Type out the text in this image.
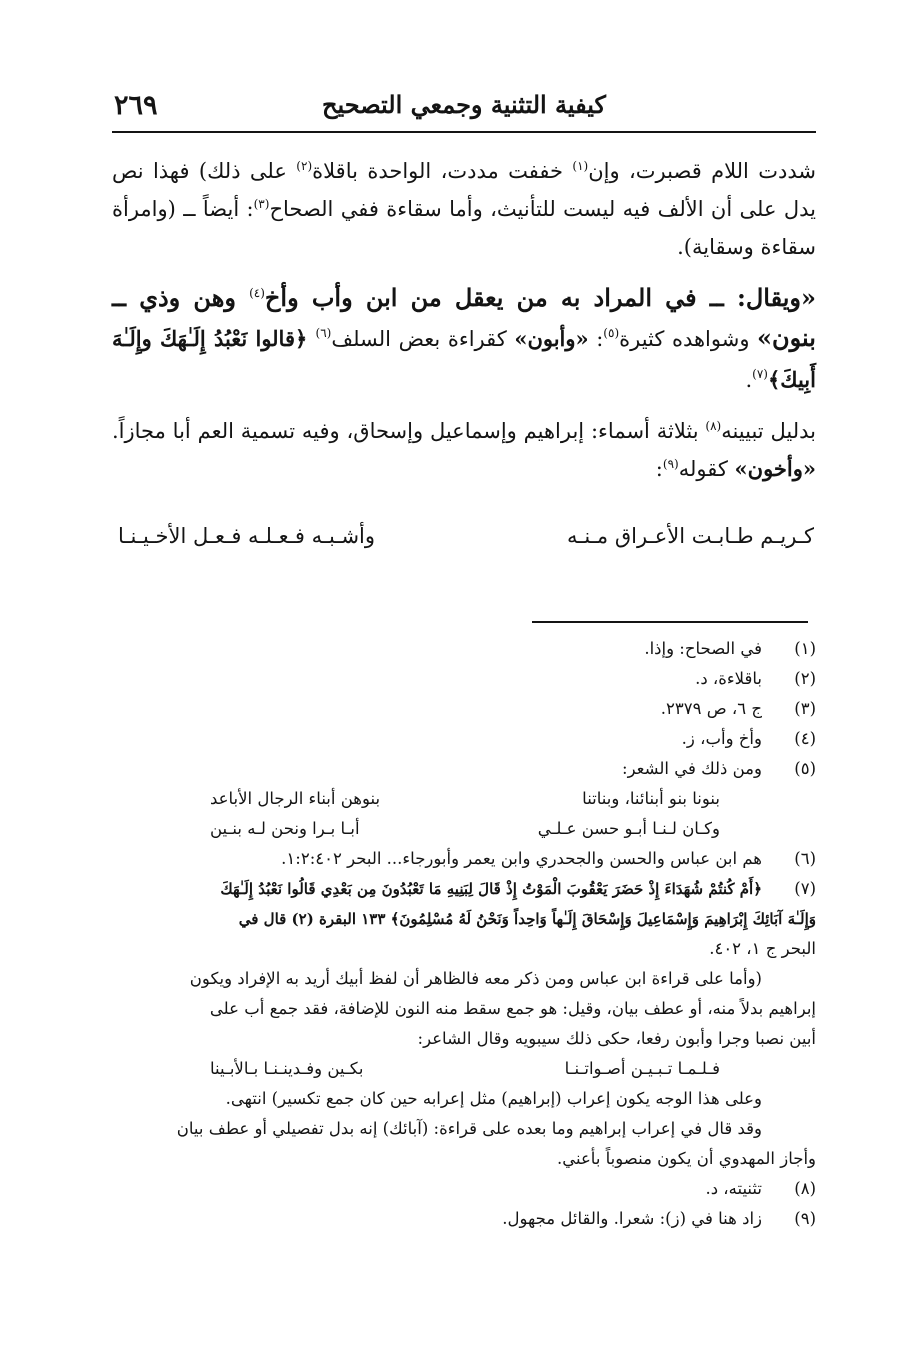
٢٦٩	كيفية التثنية وجمعي التصحيح

شددت اللام قصبرت، وإن$^{(١)}$ خففت مددت، الواحدة باقلاة$^{(٢)}$ على ذلك) فهذا نص يدل على أن الألف فيه ليست للتأنيث، وأما سقاءة ففي الصحاح$^{(٣)}$: أيضاً ــ (وامرأة سقاءة وسقاية).

«ويقال: ــ في المراد به من يعقل من ابن وأب وأخ$^{(٤)}$ وهن وذي ــ بنون» وشواهده كثيرة$^{(٥)}$: «وأبون» كقراءة بعض السلف$^{(٦)}$ ﴿قالوا نَعْبُدُ إِلَـٰهَكَ وإِلَـٰهَ أَبِيكَ﴾$^{(٧)}$.

بدليل تبيينه$^{(٨)}$ بثلاثة أسماء: إبراهيم وإسماعيل وإسحاق، وفيه تسمية العم أبا مجازاً. «وأخون» كقوله$^{(٩)}$:

كـريـم طـابـت الأعـراق مـنـه
وأشـبـه فـعـلـه فـعـل الأخـيـنـا
(١)
في الصحاح: وإذا.
(٢)
باقلاءة، د.
(٣)
ج ٦، ص ٢٣٧٩.
(٤)
وأخ وأب، ز.
(٥)
ومن ذلك في الشعر:
بنونا بنو أبنائنا، وبناتنا
بنوهن أبناء الرجال الأباعد
وكـان لـنـا أبـو حسن عـلـي
أبـا بـرا ونحن لـه بنـين
(٦)
هم ابن عباس والحسن والجحدري وابن يعمر وأبورجاء... البحر ١:٢:٤٠٢.
(٧)
﴿أَمْ كُنتُمْ شُهَدَاءَ إِذْ حَضَرَ يَعْقُوبَ الْمَوْتُ إِذْ قَالَ لِبَنِيهِ مَا تَعْبُدُونَ مِن بَعْدِي قَالُوا نَعْبُدُ إِلَـٰهَكَ
وَإِلَـٰهَ آبَائِكَ إِبْرَاهِيمَ وَإِسْمَاعِيلَ وَإِسْحَاقَ إِلَـٰهاً وَاحِداً وَنَحْنُ لَهُ مُسْلِمُونَ﴾ ١٣٣ البقرة (٢) قال في
البحر ج ١، ٤٠٢.
(وأما على قراءة ابن عباس ومن ذكر معه فالظاهر أن لفظ أبيك أريد به الإفراد ويكون
إبراهيم بدلاً منه، أو عطف بيان، وقيل: هو جمع سقط منه النون للإضافة، فقد جمع أب على
أبين نصبا وجرا وأبون رفعا، حكى ذلك سيبويه وقال الشاعر:
فـلـمـا تـبـيـن أصـواتـنـا
بكـين وفـدينـنـا بـالأبـينا
وعلى هذا الوجه يكون إعراب (إبراهيم) مثل إعرابه حين كان جمع تكسير) انتهى.
وقد قال في إعراب إبراهيم وما بعده على قراءة: (آبائك) إنه بدل تفصيلي أو عطف بيان
وأجاز المهدوي أن يكون منصوباً بأعني.
(٨)
تثنيته، د.
(٩)
زاد هنا في (ز): شعرا. والقائل مجهول.
